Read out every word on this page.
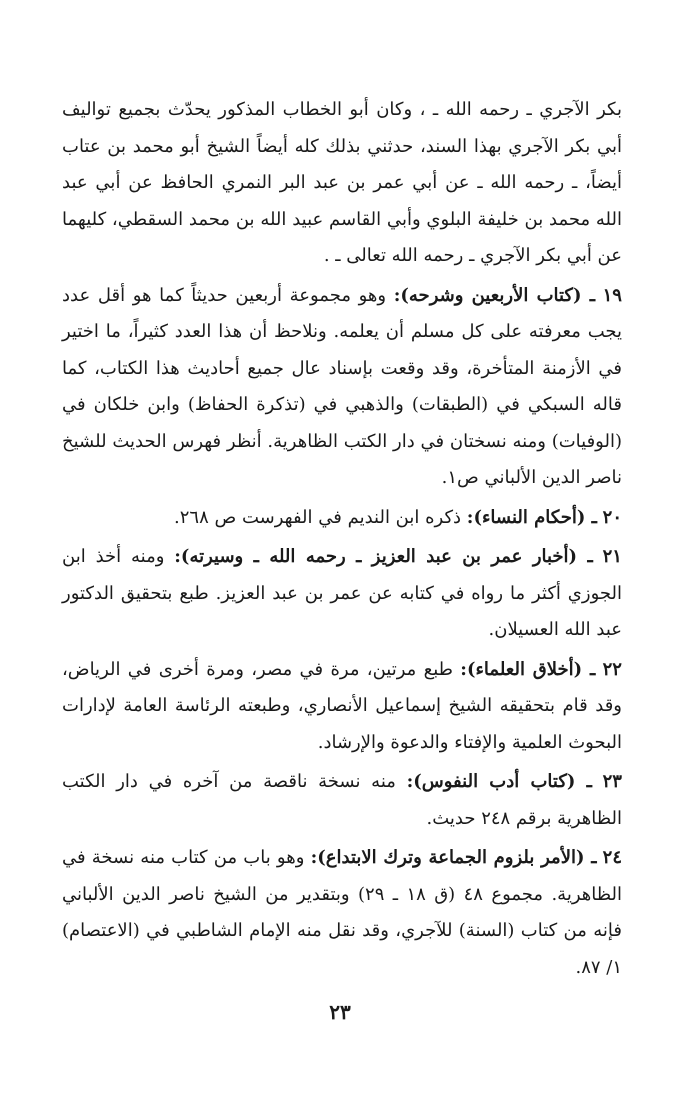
بكر الآجري ـ رحمه الله ـ ، وكان أبو الخطاب المذكور يحدّث بجميع تواليف أبي بكر الآجري بهذا السند، حدثني بذلك كله أيضاً الشيخ أبو محمد بن عتاب أيضاً، ـ رحمه الله ـ عن أبي عمر بن عبد البر النمري الحافظ عن أبي عبد الله محمد بن خليفة البلوي وأبي القاسم عبيد الله بن محمد السقطي، كليهما عن أبي بكر الآجري ـ رحمه الله تعالى ـ .

١٩ ـ (كتاب الأربعين وشرحه): وهو مجموعة أربعين حديثاً كما هو أقل عدد يجب معرفته على كل مسلم أن يعلمه. ونلاحظ أن هذا العدد كثيراً، ما اختير في الأزمنة المتأخرة، وقد وقعت بإسناد عال جميع أحاديث هذا الكتاب، كما قاله السبكي في (الطبقات) والذهبي في (تذكرة الحفاظ) وابن خلكان في (الوفيات) ومنه نسختان في دار الكتب الظاهرية. أنظر فهرس الحديث للشيخ ناصر الدين الألباني ص١.

٢٠ ـ (أحكام النساء): ذكره ابن النديم في الفهرست ص ٢٦٨.

٢١ ـ (أخبار عمر بن عبد العزيز ـ رحمه الله ـ وسيرته): ومنه أخذ ابن الجوزي أكثر ما رواه في كتابه عن عمر بن عبد العزيز. طبع بتحقيق الدكتور عبد الله العسيلان.

٢٢ ـ (أخلاق العلماء): طبع مرتين، مرة في مصر، ومرة أخرى في الرياض، وقد قام بتحقيقه الشيخ إسماعيل الأنصاري، وطبعته الرئاسة العامة لإدارات البحوث العلمية والإفتاء والدعوة والإرشاد.

٢٣ ـ (كتاب أدب النفوس): منه نسخة ناقصة من آخره في دار الكتب الظاهرية برقم ٢٤٨ حديث.

٢٤ ـ (الأمر بلزوم الجماعة وترك الابتداع): وهو باب من كتاب منه نسخة في الظاهرية. مجموع ٤٨ (ق ١٨ ـ ٢٩) وبتقدير من الشيخ ناصر الدين الألباني فإنه من كتاب (السنة) للآجري، وقد نقل منه الإمام الشاطبي في (الاعتصام) ١/ ٨٧.

٢٣
